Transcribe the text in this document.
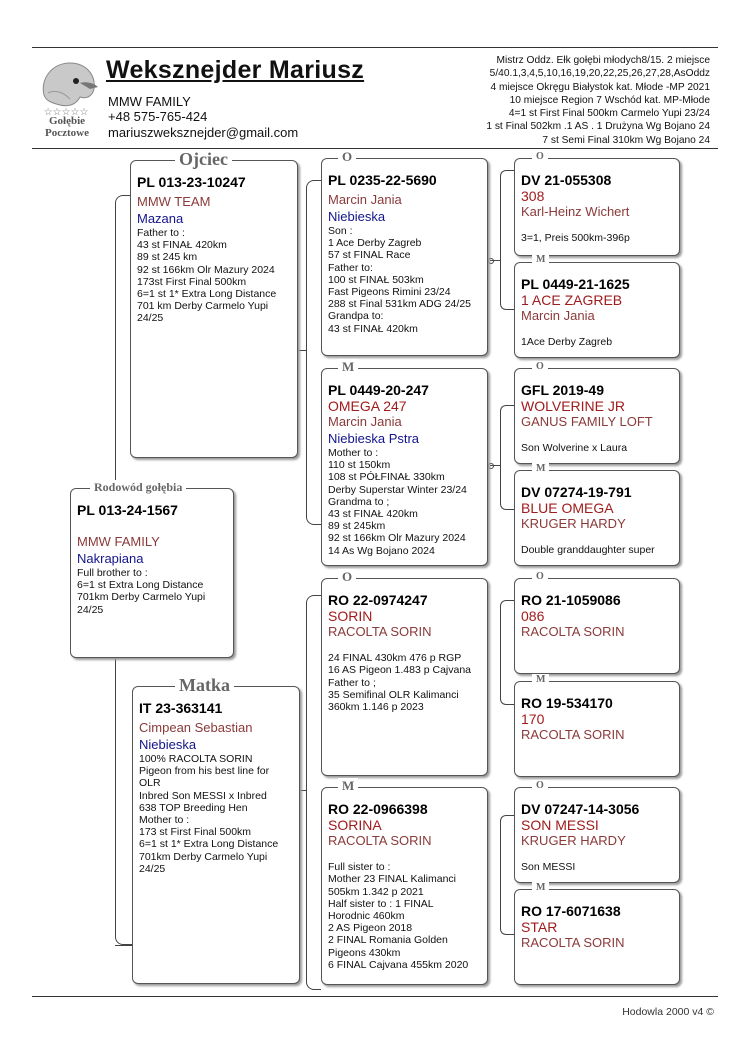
☆☆☆☆☆
Gołębie
Pocztowe
Weksznejder Mariusz
MMW FAMILY
+48 575-765-424
mariuszweksznejder@gmail.com
Mistrz Oddz. Ełk gołębi młodych8/15. 2 miejsce
5/40.1,3,4,5,10,16,19,20,22,25,26,27,28,AsOddz
4 miejsce Okręgu Białystok kat. Młode -MP 2021
10 miejsce Region 7 Wschód kat. MP-Młode
4=1 st First Final 500km Carmelo Yupi 23/24
1 st Final 502km .1 AS . 1 Drużyna Wg Bojano 24
7 st Semi Final 310km Wg Bojano 24
PL 013-24-1567
MMW FAMILY
Nakrapiana
Full brother to :
6=1 st Extra Long Distance
701km Derby Carmelo Yupi
24/25
Rodowód gołębia
PL 013-23-10247
MMW TEAM
Mazana
Father to :
43 st FINAŁ 420km
89 st 245 km
92 st 166km Olr Mazury 2024
173st First Final 500km
6=1 st 1* Extra Long Distance
701 km Derby Carmelo Yupi
24/25
Ojciec
IT 23-363141
Cimpean Sebastian
Niebieska
100% RACOLTA SORIN
Pigeon from his best line for
OLR
Inbred Son MESSI x Inbred
638 TOP Breeding Hen
Mother to :
173 st First Final 500km
6=1 st 1* Extra Long Distance
701km Derby Carmelo Yupi
24/25
Matka
PL 0235-22-5690
Marcin Jania
Niebieska
Son :
1 Ace Derby Zagreb
57 st FINAL Race
Father to:
100 st FINAŁ 503km
Fast Pigeons Rimini 23/24
288 st Final 531km ADG 24/25
Grandpa to:
43 st FINAŁ 420km
O
PL 0449-20-247
OMEGA 247
Marcin Jania
Niebieska Pstra
Mother to :
110 st 150km
108 st PÓŁFINAŁ 330km
Derby Superstar Winter 23/24
Grandma to ;
43 st FINAŁ 420km
89 st 245km
92 st 166km Olr Mazury 2024
14 As Wg Bojano 2024
M
RO 22-0974247
SORIN
RACOLTA SORIN

24 FINAL 430km 476 p RGP
16 AS Pigeon 1.483 p Cajvana
Father to ;
35 Semifinal OLR Kalimanci
360km 1.146 p 2023
O
RO 22-0966398
SORINA
RACOLTA SORIN

Full sister to :
Mother 23 FINAL Kalimanci
505km 1.342 p 2021
Half sister to : 1 FINAL
Horodnic 460km
2 AS Pigeon 2018
2 FINAL Romania Golden
Pigeons 430km
6 FINAL Cajvana 455km 2020
M
DV 21-055308
308
Karl-Heinz Wichert

3=1, Preis 500km-396p
O
PL 0449-21-1625
1 ACE ZAGREB
Marcin Jania

1Ace Derby Zagreb
M
GFL 2019-49
WOLVERINE JR
GANUS FAMILY LOFT

Son Wolverine x Laura
O
DV 07274-19-791
BLUE OMEGA
KRUGER HARDY

Double granddaughter super
M
RO 21-1059086
086
RACOLTA SORIN
O
RO 19-534170
170
RACOLTA SORIN
M
DV 07247-14-3056
SON MESSI
KRUGER HARDY

Son MESSI
O
RO 17-6071638
STAR
RACOLTA SORIN
M
Hodowla 2000 v4 ©
